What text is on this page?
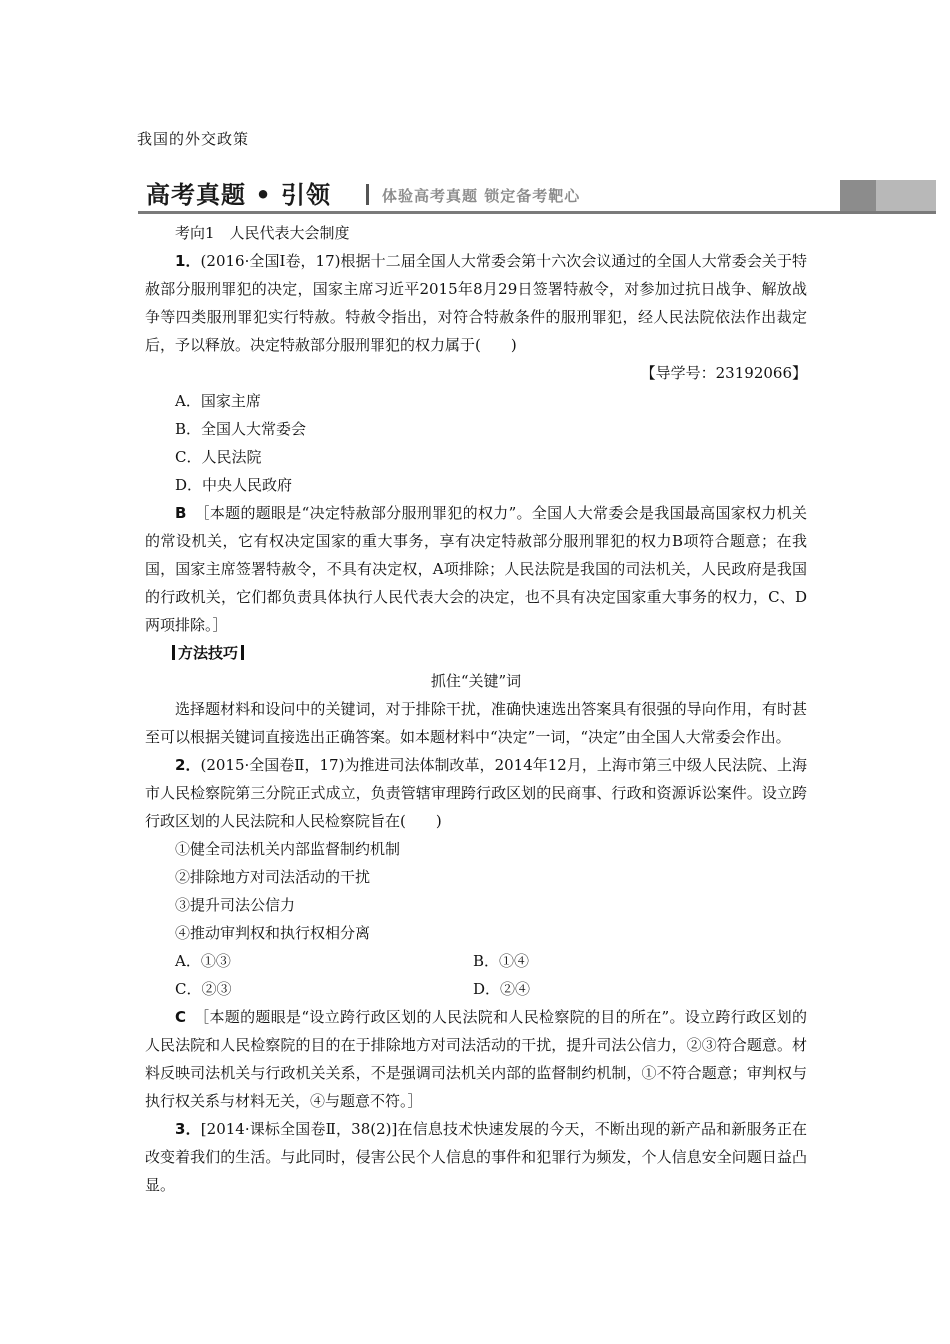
我国的外交政策
高考真题 • 引领	体验高考真题 锁定备考靶心

考向1　人民代表大会制度

1．(2016·全国Ⅰ卷，17)根据十二届全国人大常委会第十六次会议通过的全国人大常委会关于特赦部分服刑罪犯的决定，国家主席习近平2015年8月29日签署特赦令，对参加过抗日战争、解放战争等四类服刑罪犯实行特赦。特赦令指出，对符合特赦条件的服刑罪犯，经人民法院依法作出裁定后，予以释放。决定特赦部分服刑罪犯的权力属于(　　)

【导学号：23192066】

A．国家主席

B．全国人大常委会

C．人民法院

D．中央人民政府

B　 ［本题的题眼是“决定特赦部分服刑罪犯的权力”。全国人大常委会是我国最高国家权力机关的常设机关，它有权决定国家的重大事务，享有决定特赦部分服刑罪犯的权力B项符合题意；在我国，国家主席签署特赦令，不具有决定权，A项排除；人民法院是我国的司法机关，人民政府是我国的行政机关，它们都负责具体执行人民代表大会的决定，也不具有决定国家重大事务的权力，C、D两项排除。］

方法技巧

抓住“关键”词

选择题材料和设问中的关键词，对于排除干扰，准确快速选出答案具有很强的导向作用，有时甚至可以根据关键词直接选出正确答案。如本题材料中“决定”一词，“决定”由全国人大常委会作出。

2．(2015·全国卷Ⅱ，17)为推进司法体制改革，2014年12月，上海市第三中级人民法院、上海市人民检察院第三分院正式成立，负责管辖审理跨行政区划的民商事、行政和资源诉讼案件。设立跨行政区划的人民法院和人民检察院旨在(　　)

①健全司法机关内部监督制约机制

②排除地方对司法活动的干扰

③提升司法公信力

④推动审判权和执行权相分离

A．①③	B．①④
C．②③	D．②④

C　 ［本题的题眼是“设立跨行政区划的人民法院和人民检察院的目的所在”。设立跨行政区划的人民法院和人民检察院的目的在于排除地方对司法活动的干扰，提升司法公信力，②③符合题意。材料反映司法机关与行政机关关系，不是强调司法机关内部的监督制约机制，①不符合题意；审判权与执行权关系与材料无关，④与题意不符。］

3．[2014·课标全国卷Ⅱ，38(2)]在信息技术快速发展的今天，不断出现的新产品和新服务正在改变着我们的生活。与此同时，侵害公民个人信息的事件和犯罪行为频发，个人信息安全问题日益凸显。
